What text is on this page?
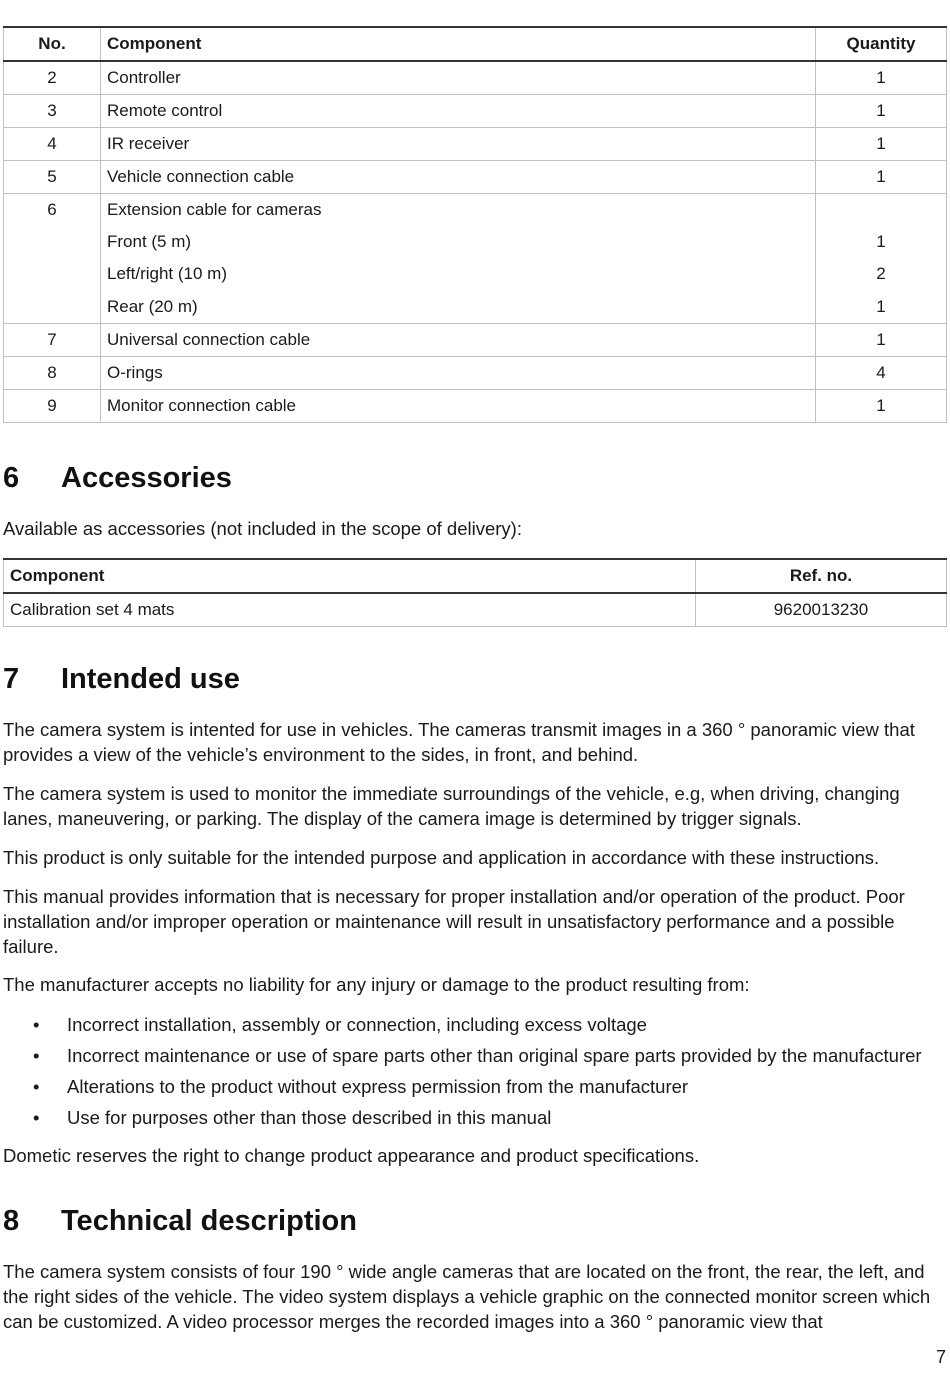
No.	Component	Quantity
2	Controller	1
3	Remote control	1
4	IR receiver	1
5	Vehicle connection cable	1
6	Extension cable for cameras	
	Front (5 m)	1
	Left/right (10 m)	2
	Rear (20 m)	1
7	Universal connection cable	1
8	O-rings	4
9	Monitor connection cable	1
6 Accessories

Available as accessories (not included in the scope of delivery):

Component	Ref. no.
Calibration set 4 mats	9620013230
7 Intended use

The camera system is intented for use in vehicles. The cameras transmit images in a 360 ° panoramic view that provides a view of the vehicle’s environment to the sides, in front, and behind.

The camera system is used to monitor the immediate surroundings of the vehicle, e.g, when driving, changing lanes, maneuvering, or parking. The display of the camera image is determined by trigger signals.

This product is only suitable for the intended purpose and application in accordance with these instructions.

This manual provides information that is necessary for proper installation and/or operation of the product. Poor installation and/or improper operation or maintenance will result in unsatisfactory performance and a possible failure.

The manufacturer accepts no liability for any injury or damage to the product resulting from:

• Incorrect installation, assembly or connection, including excess voltage
• Incorrect maintenance or use of spare parts other than original spare parts provided by the manufacturer
• Alterations to the product without express permission from the manufacturer
• Use for purposes other than those described in this manual

Dometic reserves the right to change product appearance and product specifications.

8 Technical description

The camera system consists of four 190 ° wide angle cameras that are located on the front, the rear, the left, and the right sides of the vehicle. The video system displays a vehicle graphic on the connected monitor screen which can be customized. A video processor merges the recorded images into a 360 ° panoramic view that

7
